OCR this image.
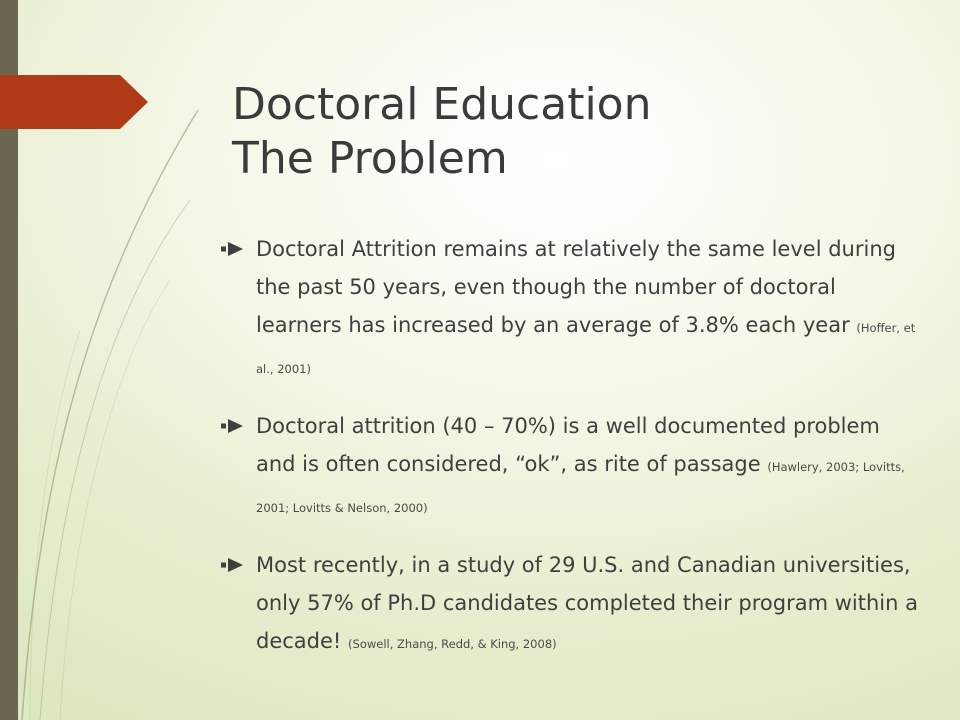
Doctoral Education
The Problem
Doctoral Attrition remains at relatively the same level during the past 50 years, even though the number of doctoral learners has increased by an average of 3.8% each year (Hoffer, et al., 2001)
Doctoral attrition (40 – 70%) is a well documented problem and is often considered, “ok”, as rite of passage (Hawlery, 2003; Lovitts, 2001; Lovitts & Nelson, 2000)
Most recently, in a study of 29 U.S. and Canadian universities, only 57% of Ph.D candidates completed their program within a decade! (Sowell, Zhang, Redd, & King, 2008)
